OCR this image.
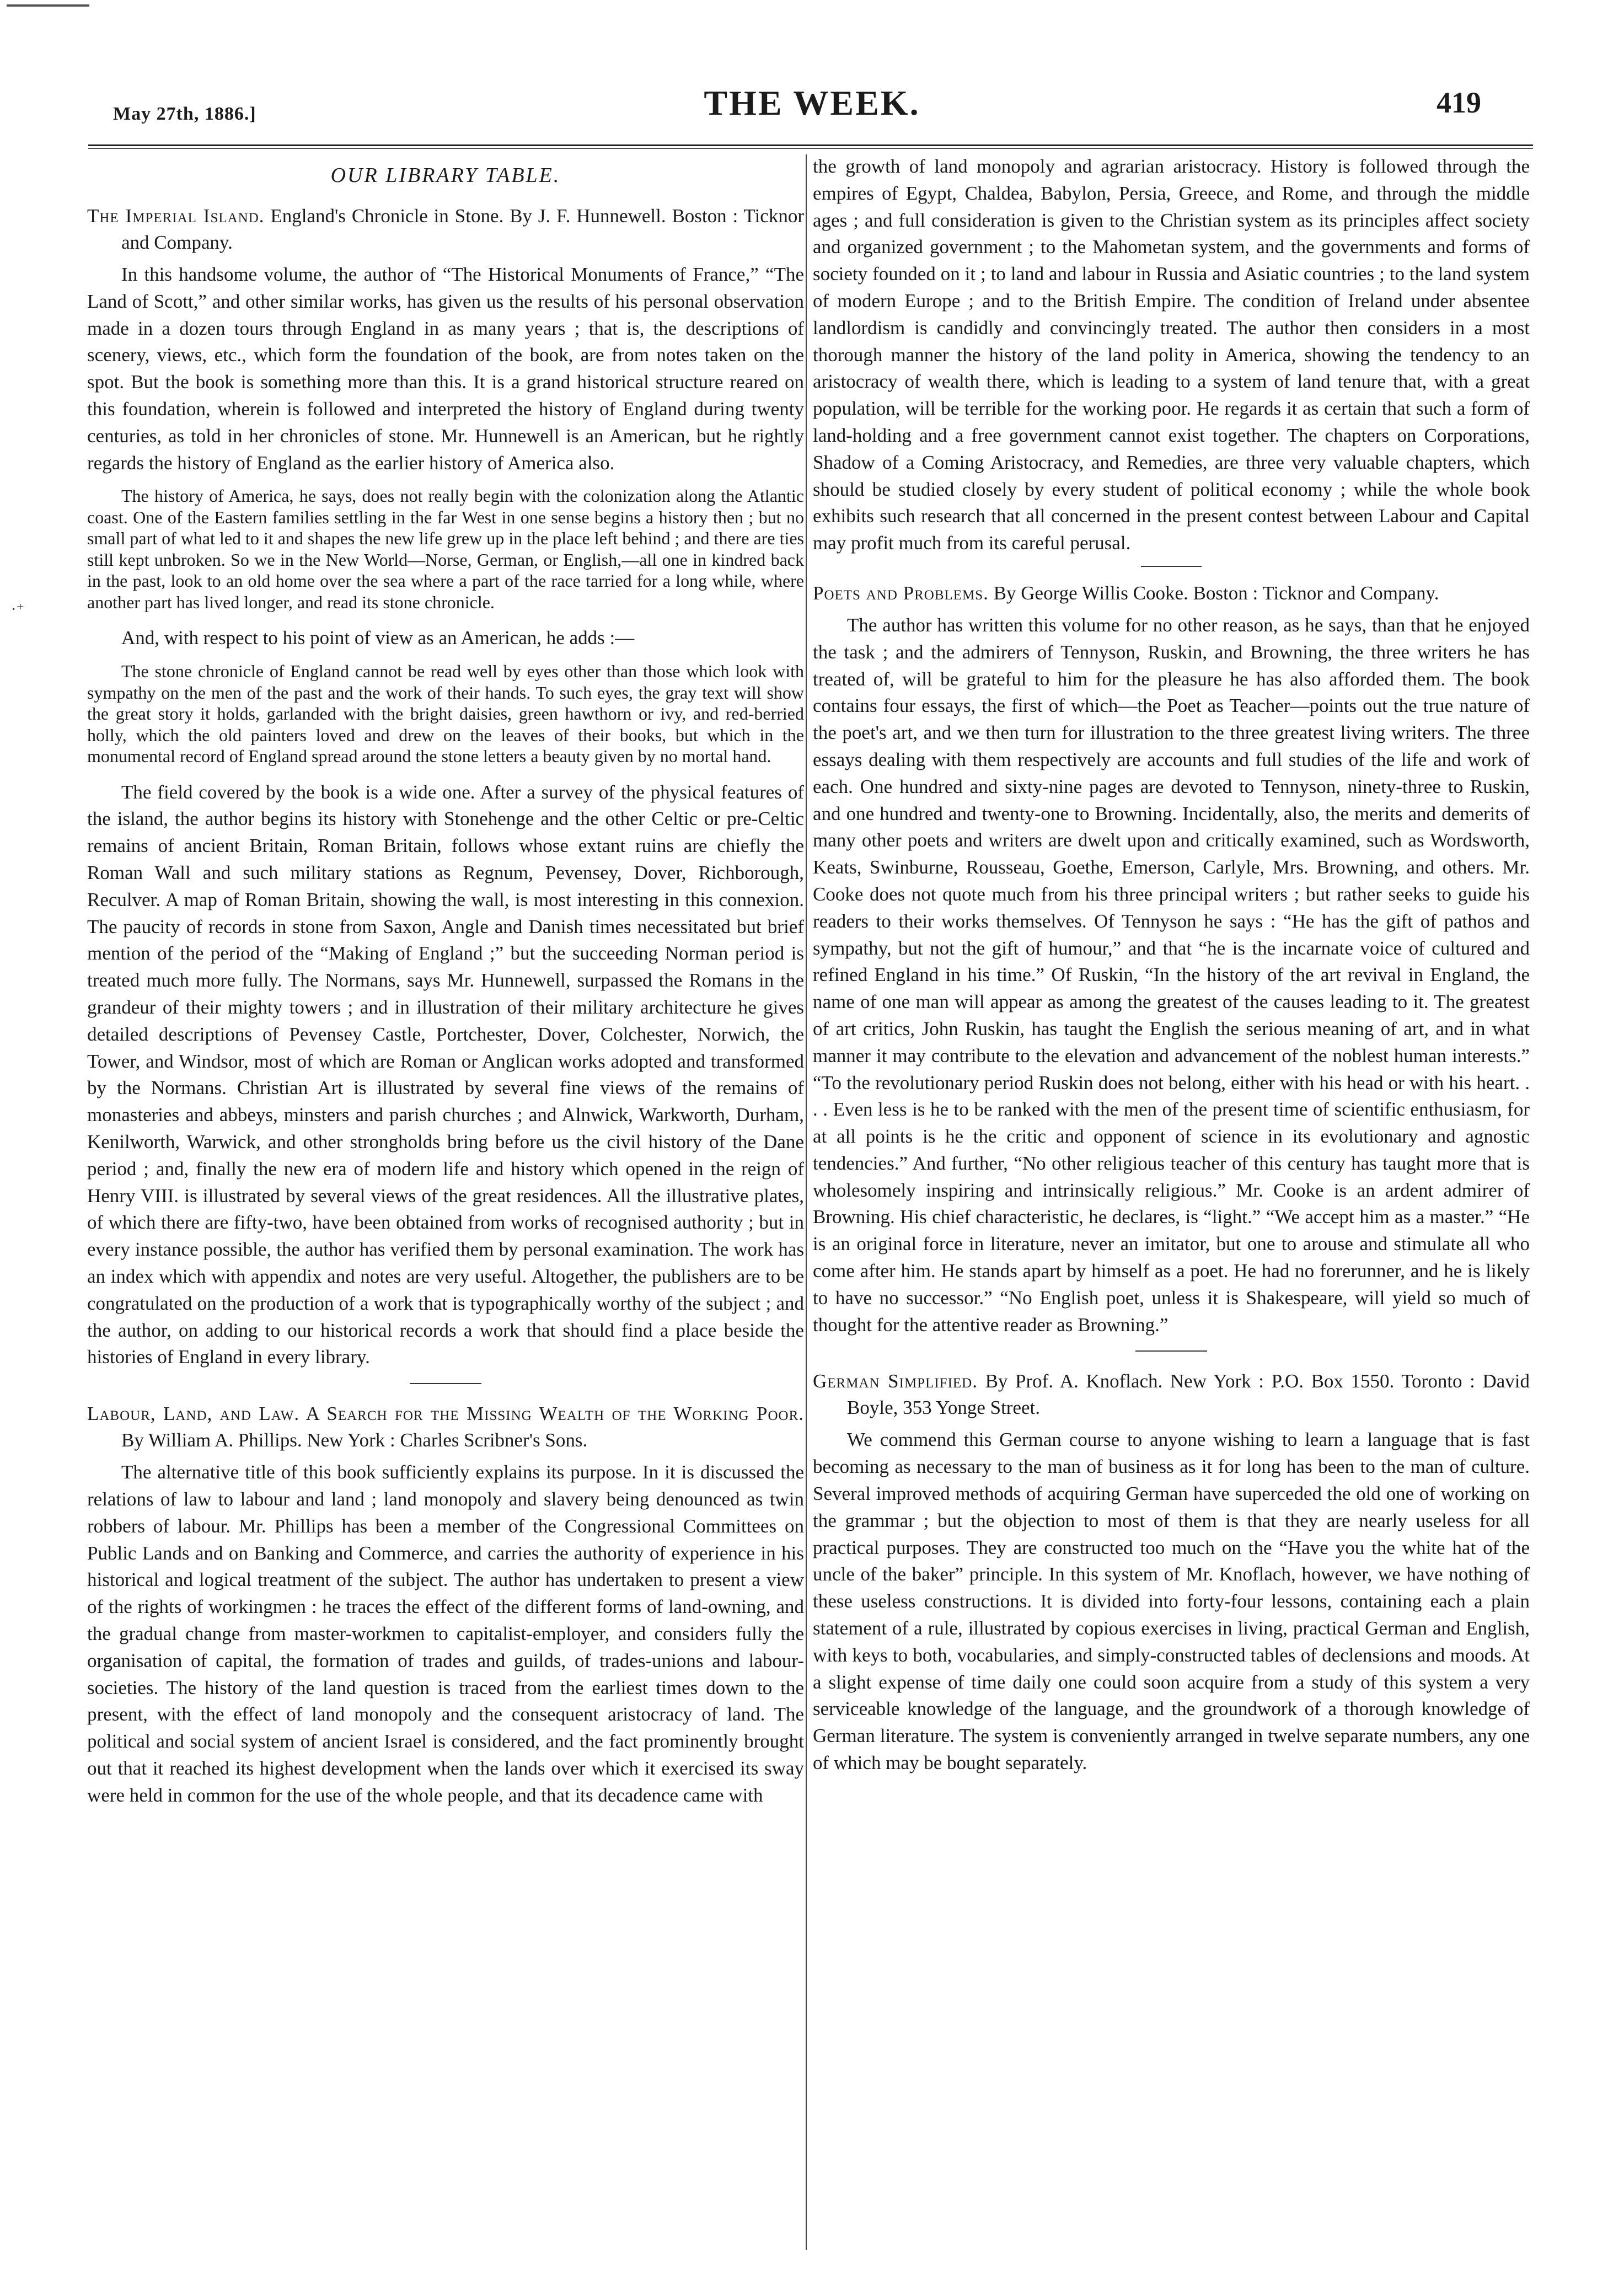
·⁺
May 27th, 1886.]	THE WEEK.	419
OUR LIBRARY TABLE.

The Imperial Island. England's Chronicle in Stone. By J. F. Hunnewell. Boston : Ticknor and Company.

In this handsome volume, the author of “The Historical Monuments of France,” “The Land of Scott,” and other similar works, has given us the results of his personal observation made in a dozen tours through England in as many years ; that is, the descriptions of scenery, views, etc., which form the foundation of the book, are from notes taken on the spot. But the book is something more than this. It is a grand historical structure reared on this foundation, wherein is followed and interpreted the history of England during twenty centuries, as told in her chronicles of stone. Mr. Hunnewell is an American, but he rightly regards the history of England as the earlier history of America also.

The history of America, he says, does not really begin with the colonization along the Atlantic coast. One of the Eastern families settling in the far West in one sense begins a history then ; but no small part of what led to it and shapes the new life grew up in the place left behind ; and there are ties still kept unbroken. So we in the New World—Norse, German, or English,—all one in kindred back in the past, look to an old home over the sea where a part of the race tarried for a long while, where another part has lived longer, and read its stone chronicle.

And, with respect to his point of view as an American, he adds :—

The stone chronicle of England cannot be read well by eyes other than those which look with sympathy on the men of the past and the work of their hands. To such eyes, the gray text will show the great story it holds, garlanded with the bright daisies, green hawthorn or ivy, and red-berried holly, which the old painters loved and drew on the leaves of their books, but which in the monumental record of England spread around the stone letters a beauty given by no mortal hand.

The field covered by the book is a wide one. After a survey of the physical features of the island, the author begins its history with Stonehenge and the other Celtic or pre-Celtic remains of ancient Britain, Roman Britain, follows whose extant ruins are chiefly the Roman Wall and such military stations as Regnum, Pevensey, Dover, Richborough, Reculver. A map of Roman Britain, showing the wall, is most interesting in this connexion. The paucity of records in stone from Saxon, Angle and Danish times necessitated but brief mention of the period of the “Making of England ;” but the succeeding Norman period is treated much more fully. The Normans, says Mr. Hunnewell, surpassed the Romans in the grandeur of their mighty towers ; and in illustration of their military architecture he gives detailed descriptions of Pevensey Castle, Portchester, Dover, Colchester, Norwich, the Tower, and Windsor, most of which are Roman or Anglican works adopted and transformed by the Normans. Christian Art is illustrated by several fine views of the remains of monasteries and abbeys, minsters and parish churches ; and Alnwick, Warkworth, Durham, Kenilworth, Warwick, and other strongholds bring before us the civil history of the Dane period ; and, finally the new era of modern life and history which opened in the reign of Henry VIII. is illustrated by several views of the great residences. All the illustrative plates, of which there are fifty-two, have been obtained from works of recognised authority ; but in every instance possible, the author has verified them by personal examination. The work has an index which with appendix and notes are very useful. Altogether, the publishers are to be congratulated on the production of a work that is typographically worthy of the subject ; and the author, on adding to our historical records a work that should find a place beside the histories of England in every library.

Labour, Land, and Law. A Search for the Missing Wealth of the Working Poor. By William A. Phillips. New York : Charles Scribner's Sons.

The alternative title of this book sufficiently explains its purpose. In it is discussed the relations of law to labour and land ; land monopoly and slavery being denounced as twin robbers of labour. Mr. Phillips has been a member of the Congressional Committees on Public Lands and on Banking and Commerce, and carries the authority of experience in his historical and logical treatment of the subject. The author has undertaken to present a view of the rights of workingmen : he traces the effect of the different forms of land-owning, and the gradual change from master-workmen to capitalist-employer, and considers fully the organisation of capital, the formation of trades and guilds, of trades-unions and labour-societies. The history of the land question is traced from the earliest times down to the present, with the effect of land monopoly and the consequent aristocracy of land. The political and social system of ancient Israel is considered, and the fact prominently brought out that it reached its highest development when the lands over which it exercised its sway were held in common for the use of the whole people, and that its decadence came with

the growth of land monopoly and agrarian aristocracy. History is followed through the empires of Egypt, Chaldea, Babylon, Persia, Greece, and Rome, and through the middle ages ; and full consideration is given to the Christian system as its principles affect society and organized government ; to the Mahometan system, and the governments and forms of society founded on it ; to land and labour in Russia and Asiatic countries ; to the land system of modern Europe ; and to the British Empire. The condition of Ireland under absentee landlordism is candidly and convincingly treated. The author then considers in a most thorough manner the history of the land polity in America, showing the tendency to an aristocracy of wealth there, which is leading to a system of land tenure that, with a great population, will be terrible for the working poor. He regards it as certain that such a form of land-holding and a free government cannot exist together. The chapters on Corporations, Shadow of a Coming Aristocracy, and Remedies, are three very valuable chapters, which should be studied closely by every student of political economy ; while the whole book exhibits such research that all concerned in the present contest between Labour and Capital may profit much from its careful perusal.

Poets and Problems. By George Willis Cooke. Boston : Ticknor and Company.

The author has written this volume for no other reason, as he says, than that he enjoyed the task ; and the admirers of Tennyson, Ruskin, and Browning, the three writers he has treated of, will be grateful to him for the pleasure he has also afforded them. The book contains four essays, the first of which—the Poet as Teacher—points out the true nature of the poet's art, and we then turn for illustration to the three greatest living writers. The three essays dealing with them respectively are accounts and full studies of the life and work of each. One hundred and sixty-nine pages are devoted to Tennyson, ninety-three to Ruskin, and one hundred and twenty-one to Browning. Incidentally, also, the merits and demerits of many other poets and writers are dwelt upon and critically examined, such as Wordsworth, Keats, Swinburne, Rousseau, Goethe, Emerson, Carlyle, Mrs. Browning, and others. Mr. Cooke does not quote much from his three principal writers ; but rather seeks to guide his readers to their works themselves. Of Tennyson he says : “He has the gift of pathos and sympathy, but not the gift of humour,” and that “he is the incarnate voice of cultured and refined England in his time.” Of Ruskin, “In the history of the art revival in England, the name of one man will appear as among the greatest of the causes leading to it. The greatest of art critics, John Ruskin, has taught the English the serious meaning of art, and in what manner it may contribute to the elevation and advancement of the noblest human interests.” “To the revolutionary period Ruskin does not belong, either with his head or with his heart. . . . Even less is he to be ranked with the men of the present time of scientific enthusiasm, for at all points is he the critic and opponent of science in its evolutionary and agnostic tendencies.” And further, “No other religious teacher of this century has taught more that is wholesomely inspiring and intrinsically religious.” Mr. Cooke is an ardent admirer of Browning. His chief characteristic, he declares, is “light.” “We accept him as a master.” “He is an original force in literature, never an imitator, but one to arouse and stimulate all who come after him. He stands apart by himself as a poet. He had no forerunner, and he is likely to have no successor.” “No English poet, unless it is Shakespeare, will yield so much of thought for the attentive reader as Browning.”

German Simplified. By Prof. A. Knoflach. New York : P.O. Box 1550. Toronto : David Boyle, 353 Yonge Street.

We commend this German course to anyone wishing to learn a language that is fast becoming as necessary to the man of business as it for long has been to the man of culture. Several improved methods of acquiring German have superceded the old one of working on the grammar ; but the objection to most of them is that they are nearly useless for all practical purposes. They are constructed too much on the “Have you the white hat of the uncle of the baker” principle. In this system of Mr. Knoflach, however, we have nothing of these useless constructions. It is divided into forty-four lessons, containing each a plain statement of a rule, illustrated by copious exercises in living, practical German and English, with keys to both, vocabularies, and simply-constructed tables of declensions and moods. At a slight expense of time daily one could soon acquire from a study of this system a very serviceable knowledge of the language, and the groundwork of a thorough knowledge of German literature. The system is conveniently arranged in twelve separate numbers, any one of which may be bought separately.
